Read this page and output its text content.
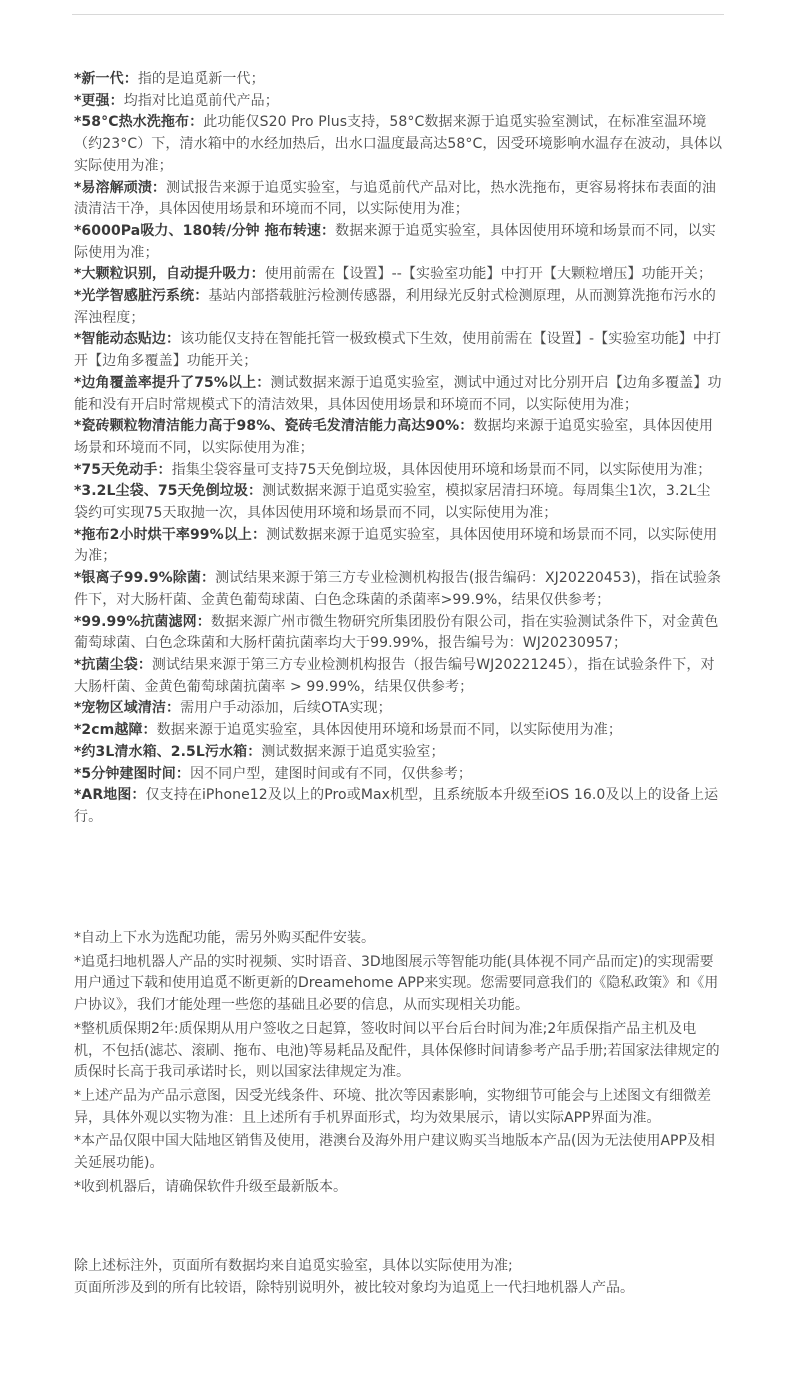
*新一代：指的是追觅新一代；

*更强：均指对比追觅前代产品；

*58°C热水洗拖布：此功能仅S20 Pro Plus支持，58°C数据来源于追觅实验室测试，在标准室温环境（约23°C）下，清水箱中的水经加热后，出水口温度最高达58°C，因受环境影响水温存在波动，具体以实际使用为准；

*易溶解顽渍：测试报告来源于追觅实验室，与追觅前代产品对比，热水洗拖布，更容易将抹布表面的油渍清洁干净，具体因使用场景和环境而不同，以实际使用为准；

*6000Pa吸力、180转/分钟 拖布转速：数据来源于追觅实验室，具体因使用环境和场景而不同，以实际使用为准；

*大颗粒识别，自动提升吸力：使用前需在【设置】--【实验室功能】中打开【大颗粒增压】功能开关；

*光学智感脏污系统：基站内部搭载脏污检测传感器，利用绿光反射式检测原理，从而测算洗拖布污水的浑浊程度；

*智能动态贴边：该功能仅支持在智能托管一极致模式下生效，使用前需在【设置】-【实验室功能】中打开【边角多覆盖】功能开关；

*边角覆盖率提升了75%以上：测试数据来源于追觅实验室，测试中通过对比分别开启【边角多覆盖】功能和没有开启时常规模式下的清洁效果，具体因使用场景和环境而不同，以实际使用为准；

*瓷砖颗粒物清洁能力高于98%、瓷砖毛发清洁能力高达90%：数据均来源于追觅实验室，具体因使用场景和环境而不同，以实际使用为准；

*75天免动手：指集尘袋容量可支持75天免倒垃圾，具体因使用环境和场景而不同，以实际使用为准；

*3.2L尘袋、75天免倒垃圾：测试数据来源于追觅实验室，模拟家居清扫环境。每周集尘1次，3.2L尘袋约可实现75天取抛一次，具体因使用环境和场景而不同，以实际使用为准；

*拖布2小时烘干率99%以上：测试数据来源于追觅实验室，具体因使用环境和场景而不同，以实际使用为准；

*银离子99.9%除菌：测试结果来源于第三方专业检测机构报告(报告编码：XJ20220453)，指在试验条件下，对大肠杆菌、金黄色葡萄球菌、白色念珠菌的杀菌率>99.9%，结果仅供参考；

*99.99%抗菌滤网：数据来源广州市微生物研究所集团股份有限公司，指在实验测试条件下，对金黄色葡萄球菌、白色念珠菌和大肠杆菌抗菌率均大于99.99%，报告编号为：WJ20230957；

*抗菌尘袋：测试结果来源于第三方专业检测机构报告（报告编号WJ20221245），指在试验条件下，对大肠杆菌、金黄色葡萄球菌抗菌率 > 99.99%，结果仅供参考；

*宠物区域清洁：需用户手动添加，后续OTA实现；

*2cm越障：数据来源于追觅实验室，具体因使用环境和场景而不同，以实际使用为准；

*约3L清水箱、2.5L污水箱：测试数据来源于追觅实验室；

*5分钟建图时间：因不同户型，建图时间或有不同，仅供参考；

*AR地图：仅支持在iPhone12及以上的Pro或Max机型，且系统版本升级至iOS 16.0及以上的设备上运行。

*自动上下水为选配功能，需另外购买配件安装。

*追觅扫地机器人产品的实时视频、实时语音、3D地图展示等智能功能(具体视不同产品而定)的实现需要用户通过下载和使用追觅不断更新的Dreamehome APP来实现。您需要同意我们的《隐私政策》和《用户协议》，我们才能处理一些您的基础且必要的信息，从而实现相关功能。

*整机质保期2年:质保期从用户签收之日起算，签收时间以平台后台时间为准;2年质保指产品主机及电机，不包括(滤芯、滚刷、拖布、电池)等易耗品及配件，具体保修时间请参考产品手册;若国家法律规定的质保时长高于我司承诺时长，则以国家法律规定为准。

*上述产品为产品示意图，因受光线条件、环境、批次等因素影响，实物细节可能会与上述图文有细微差异，具体外观以实物为准：且上述所有手机界面形式，均为效果展示，请以实际APP界面为准。

*本产品仅限中国大陆地区销售及使用，港澳台及海外用户建议购买当地版本产品(因为无法使用APP及相关延展功能)。

*收到机器后，请确保软件升级至最新版本。

除上述标注外，页面所有数据均来自追觅实验室，具体以实际使用为准;

页面所涉及到的所有比较语，除特别说明外，被比较对象均为追觅上一代扫地机器人产品。
